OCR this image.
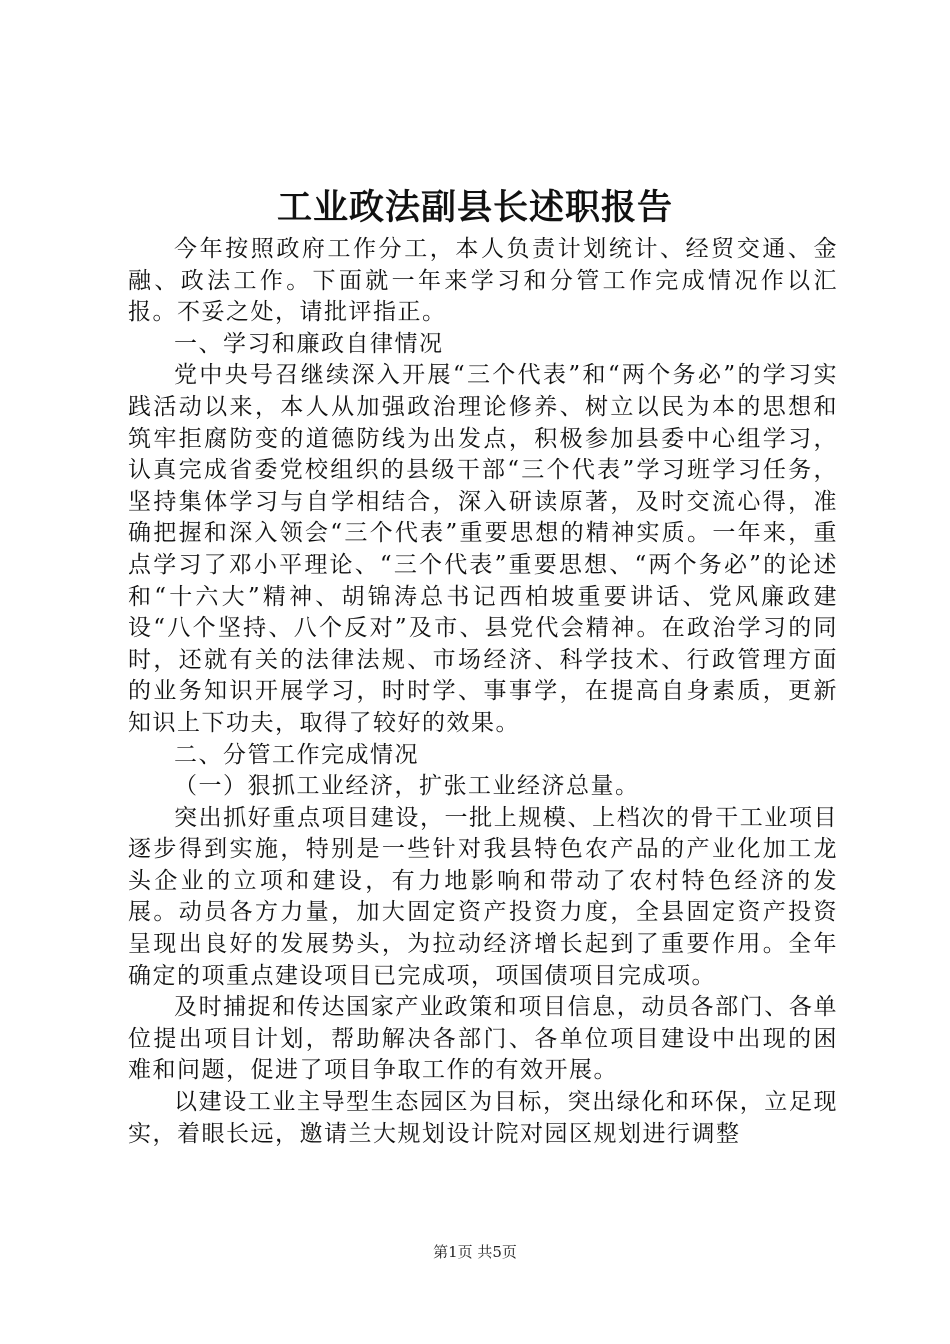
工业政法副县长述职报告

今年按照政府工作分工，本人负责计划统计、经贸交通、金融、政法工作。下面就一年来学习和分管工作完成情况作以汇报。不妥之处，请批评指正。

一、学习和廉政自律情况

党中央号召继续深入开展“三个代表”和“两个务必”的学习实践活动以来，本人从加强政治理论修养、树立以民为本的思想和筑牢拒腐防变的道德防线为出发点，积极参加县委中心组学习，认真完成省委党校组织的县级干部“三个代表”学习班学习任务，坚持集体学习与自学相结合，深入研读原著，及时交流心得，准确把握和深入领会“三个代表”重要思想的精神实质。一年来，重点学习了邓小平理论、“三个代表”重要思想、“两个务必”的论述和“十六大”精神、胡锦涛总书记西柏坡重要讲话、党风廉政建设“八个坚持、八个反对”及市、县党代会精神。在政治学习的同时，还就有关的法律法规、市场经济、科学技术、行政管理方面的业务知识开展学习，时时学、事事学，在提高自身素质，更新知识上下功夫，取得了较好的效果。

二、分管工作完成情况

（一）狠抓工业经济，扩张工业经济总量。

突出抓好重点项目建设，一批上规模、上档次的骨干工业项目逐步得到实施，特别是一些针对我县特色农产品的产业化加工龙头企业的立项和建设，有力地影响和带动了农村特色经济的发展。动员各方力量，加大固定资产投资力度，全县固定资产投资呈现出良好的发展势头，为拉动经济增长起到了重要作用。全年确定的项重点建设项目已完成项，项国债项目完成项。

及时捕捉和传达国家产业政策和项目信息，动员各部门、各单位提出项目计划，帮助解决各部门、各单位项目建设中出现的困难和问题，促进了项目争取工作的有效开展。

以建设工业主导型生态园区为目标，突出绿化和环保，立足现实，着眼长远，邀请兰大规划设计院对园区规划进行调整

第1页 共5页
